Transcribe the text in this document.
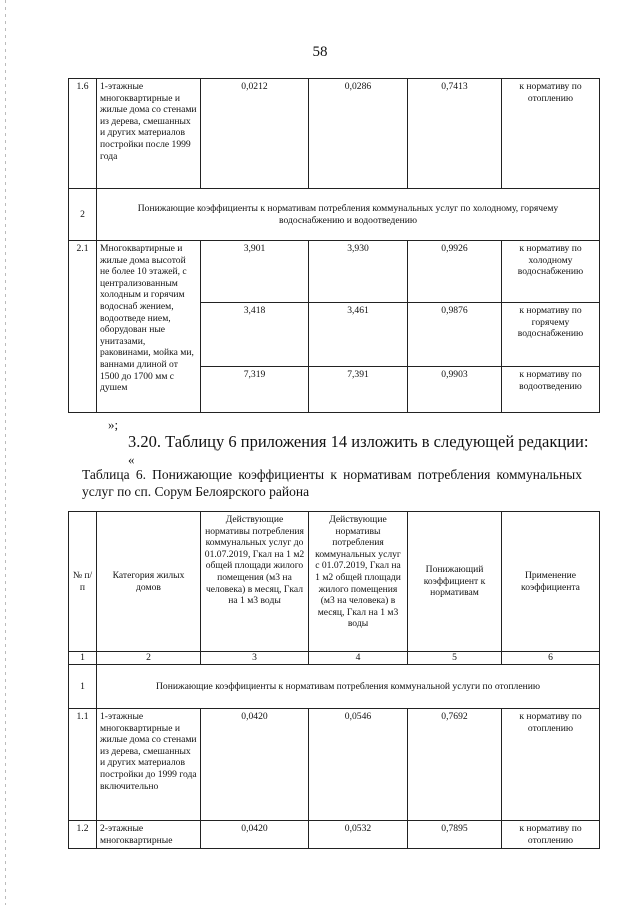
58
1.6	1-этажные многоквартирные и жилые дома со стенами из дерева, смешанных и других материалов постройки после 1999 года	0,0212	0,0286	0,7413	к нормативу по отоплению
2	Понижающие коэффициенты к нормативам потребления коммунальных услуг по холодному, горячему водоснабжению и водоотведению				
2.1	Многоквартирные и жилые дома высотой не более 10 этажей, с централизованным холодным и горячим водоснаб жением, водоотведе нием, оборудован ные унитазами, раковинами, мойка ми, ваннами длиной от 1500 до 1700 мм с душем	3,901	3,930	0,9926	к нормативу по холодному водоснабжению
		3,418	3,461	0,9876	к нормативу по горячему водоснабжению
		7,319	7,391	0,9903	к нормативу по водоотведению
»;
3.20. Таблицу 6 приложения 14 изложить в следующей редакции:
«
Таблица 6. Понижающие коэффициенты к нормативам потребления коммунальных услуг по сп. Сорум Белоярского района
№ п/п	Категория жилых домов	Действующие нормативы потребления коммунальных услуг до 01.07.2019, Гкал на 1 м2 общей площади жилого помещения (м3 на человека) в месяц, Гкал на 1 м3 воды	Действующие нормативы потребления коммунальных услуг с 01.07.2019, Гкал на 1 м2 общей площади жилого помещения (м3 на человека) в месяц, Гкал на 1 м3 воды	Понижающий коэффициент к нормативам	Применение коэффициента
1	2	3	4	5	6
1	Понижающие коэффициенты к нормативам потребления коммунальной услуги по отоплению				
1.1	1-этажные многоквартирные и жилые дома со стенами из дерева, смешанных и других материалов постройки до 1999 года включительно	0,0420	0,0546	0,7692	к нормативу по отоплению
1.2	2-этажные многоквартирные	0,0420	0,0532	0,7895	к нормативу по отоплению
